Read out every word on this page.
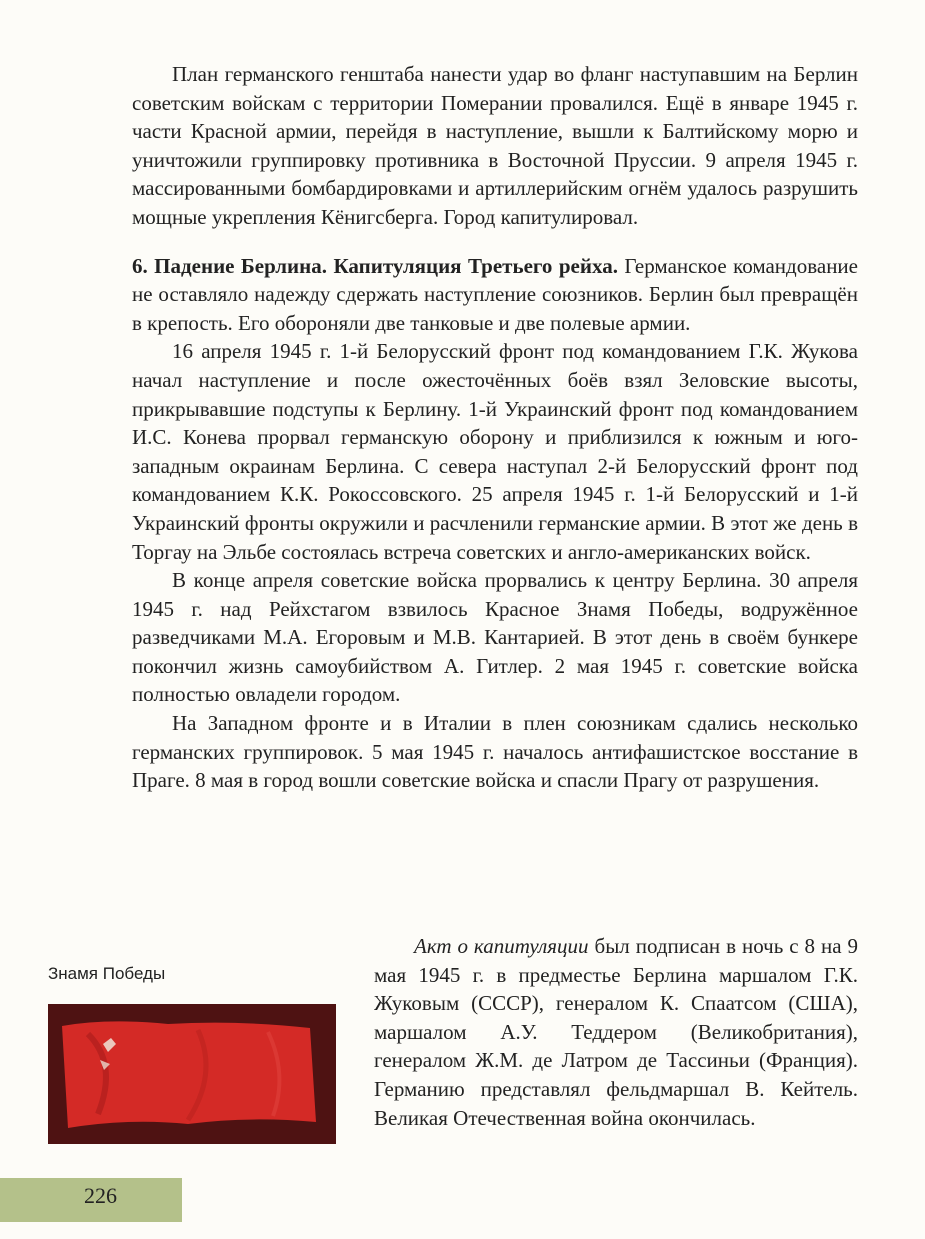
План германского генштаба нанести удар во фланг наступавшим на Берлин советским войскам с территории Померании провалился. Ещё в январе 1945 г. части Красной армии, перейдя в наступление, вышли к Балтийскому морю и уничтожили группировку противника в Восточной Пруссии. 9 апреля 1945 г. массированными бомбардировками и артиллерийским огнём удалось разрушить мощные укрепления Кёнигсберга. Город капитулировал.

6. Падение Берлина. Капитуляция Третьего рейха. Германское командование не оставляло надежду сдержать наступление союзников. Берлин был превращён в крепость. Его обороняли две танковые и две полевые армии.

16 апреля 1945 г. 1-й Белорусский фронт под командованием Г.К. Жукова начал наступление и после ожесточённых боёв взял Зеловские высоты, прикрывавшие подступы к Берлину. 1-й Украинский фронт под командованием И.С. Конева прорвал германскую оборону и приблизился к южным и юго-западным окраинам Берлина. С севера наступал 2-й Белорусский фронт под командованием К.К. Рокоссовского. 25 апреля 1945 г. 1-й Белорусский и 1-й Украинский фронты окружили и расчленили германские армии. В этот же день в Торгау на Эльбе состоялась встреча советских и англо-американских войск.

В конце апреля советские войска прорвались к центру Берлина. 30 апреля 1945 г. над Рейхстагом взвилось Красное Знамя Победы, водружённое разведчиками М.А. Егоровым и М.В. Кантарией. В этот день в своём бункере покончил жизнь самоубийством А. Гитлер. 2 мая 1945 г. советские войска полностью овладели городом.

На Западном фронте и в Италии в плен союзникам сдались несколько германских группировок. 5 мая 1945 г. началось антифашистское восстание в Праге. 8 мая в город вошли советские войска и спасли Прагу от разрушения.

Знамя Победы

Акт о капитуляции был подписан в ночь с 8 на 9 мая 1945 г. в предместье Берлина маршалом Г.К. Жуковым (СССР), генералом К. Спаатсом (США), маршалом А.У. Теддером (Великобритания), генералом Ж.М. де Латром де Тассиньи (Франция). Германию представлял фельдмаршал В. Кейтель. Великая Отечественная война окончилась.

226
